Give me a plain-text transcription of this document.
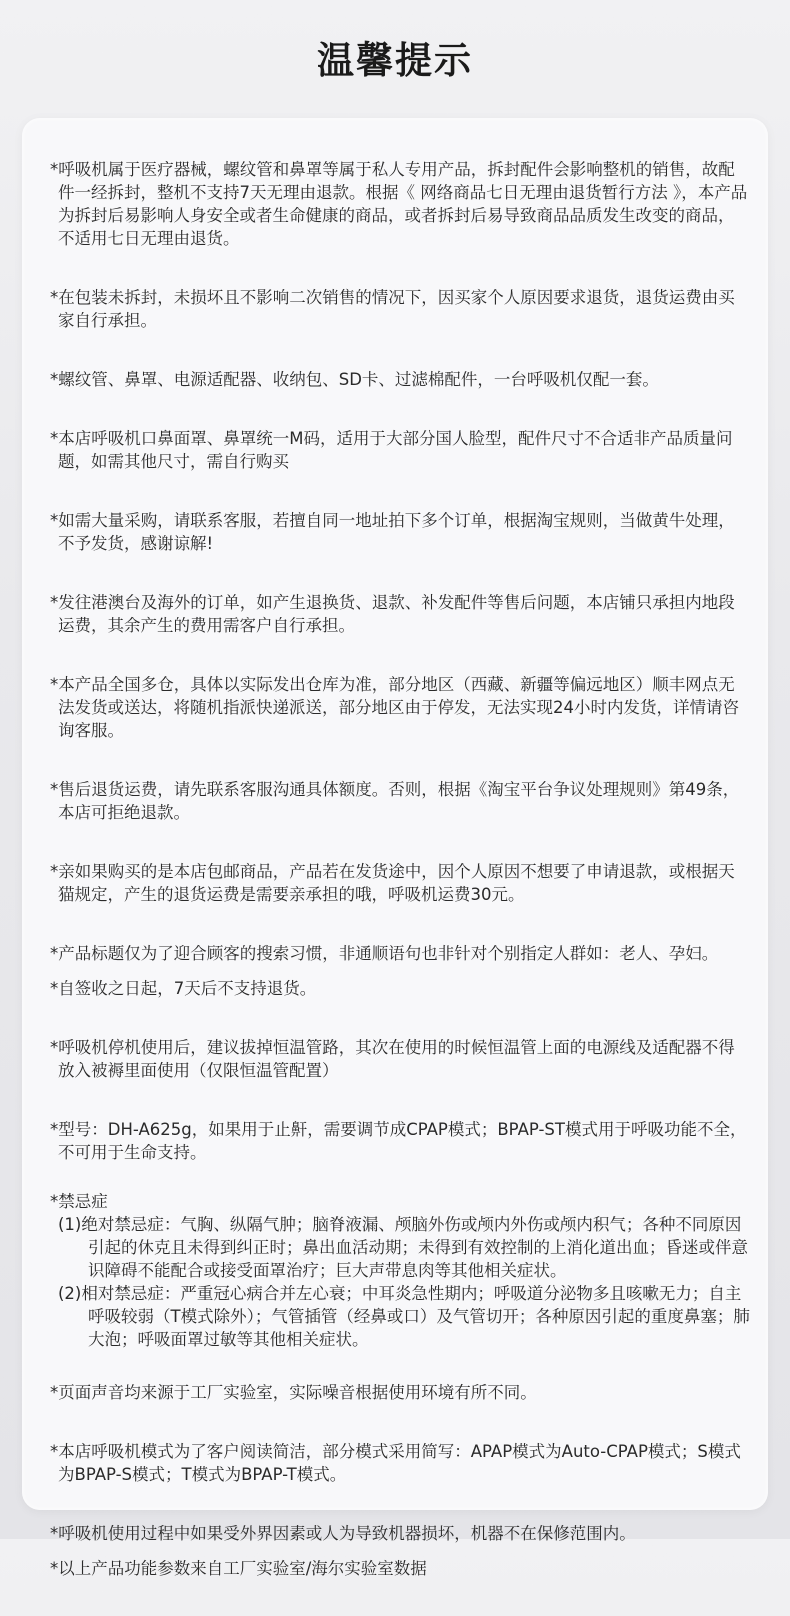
温馨提示

*呼吸机属于医疗器械，螺纹管和鼻罩等属于私人专用产品，拆封配件会影响整机的销售，故配件一经拆封，整机不支持7天无理由退款。根据《 网络商品七日无理由退货暂行方法 》，本产品为拆封后易影响人身安全或者生命健康的商品，或者拆封后易导致商品品质发生改变的商品，不适用七日无理由退货。

*在包装未拆封，未损坏且不影响二次销售的情况下，因买家个人原因要求退货，退货运费由买家自行承担。

*螺纹管、鼻罩、电源适配器、收纳包、SD卡、过滤棉配件，一台呼吸机仅配一套。

*本店呼吸机口鼻面罩、鼻罩统一M码，适用于大部分国人脸型，配件尺寸不合适非产品质量问题，如需其他尺寸，需自行购买

*如需大量采购，请联系客服，若擅自同一地址拍下多个订单，根据淘宝规则，当做黄牛处理，不予发货，感谢谅解!

*发往港澳台及海外的订单，如产生退换货、退款、补发配件等售后问题，本店铺只承担内地段运费，其余产生的费用需客户自行承担。

*本产品全国多仓，具体以实际发出仓库为准，部分地区（西藏、新疆等偏远地区）顺丰网点无法发货或送达，将随机指派快递派送，部分地区由于停发，无法实现24小时内发货，详情请咨询客服。

*售后退货运费，请先联系客服沟通具体额度。否则，根据《淘宝平台争议处理规则》第49条，本店可拒绝退款。

*亲如果购买的是本店包邮商品，产品若在发货途中，因个人原因不想要了申请退款，或根据天猫规定，产生的退货运费是需要亲承担的哦，呼吸机运费30元。

*产品标题仅为了迎合顾客的搜索习惯，非通顺语句也非针对个别指定人群如：老人、孕妇。

*自签收之日起，7天后不支持退货。

*呼吸机停机使用后，建议拔掉恒温管路，其次在使用的时候恒温管上面的电源线及适配器不得放入被褥里面使用（仅限恒温管配置）

*型号：DH-A625g，如果用于止鼾，需要调节成CPAP模式；BPAP-ST模式用于呼吸功能不全，不可用于生命支持。

*禁忌症

(1)绝对禁忌症：气胸、纵隔气肿；脑脊液漏、颅脑外伤或颅内外伤或颅内积气；各种不同原因引起的休克且未得到纠正时；鼻出血活动期；未得到有效控制的上消化道出血；昏迷或伴意识障碍不能配合或接受面罩治疗；巨大声带息肉等其他相关症状。

(2)相对禁忌症：严重冠心病合并左心衰；中耳炎急性期内；呼吸道分泌物多且咳嗽无力；自主呼吸较弱（T模式除外）；气管插管（经鼻或口）及气管切开；各种原因引起的重度鼻塞；肺大泡；呼吸面罩过敏等其他相关症状。

*页面声音均来源于工厂实验室，实际噪音根据使用环境有所不同。

*本店呼吸机模式为了客户阅读简洁，部分模式采用简写：APAP模式为Auto-CPAP模式；S模式为BPAP-S模式；T模式为BPAP-T模式。

*呼吸机使用过程中如果受外界因素或人为导致机器损坏，机器不在保修范围内。

*以上产品功能参数来自工厂实验室/海尔实验室数据
